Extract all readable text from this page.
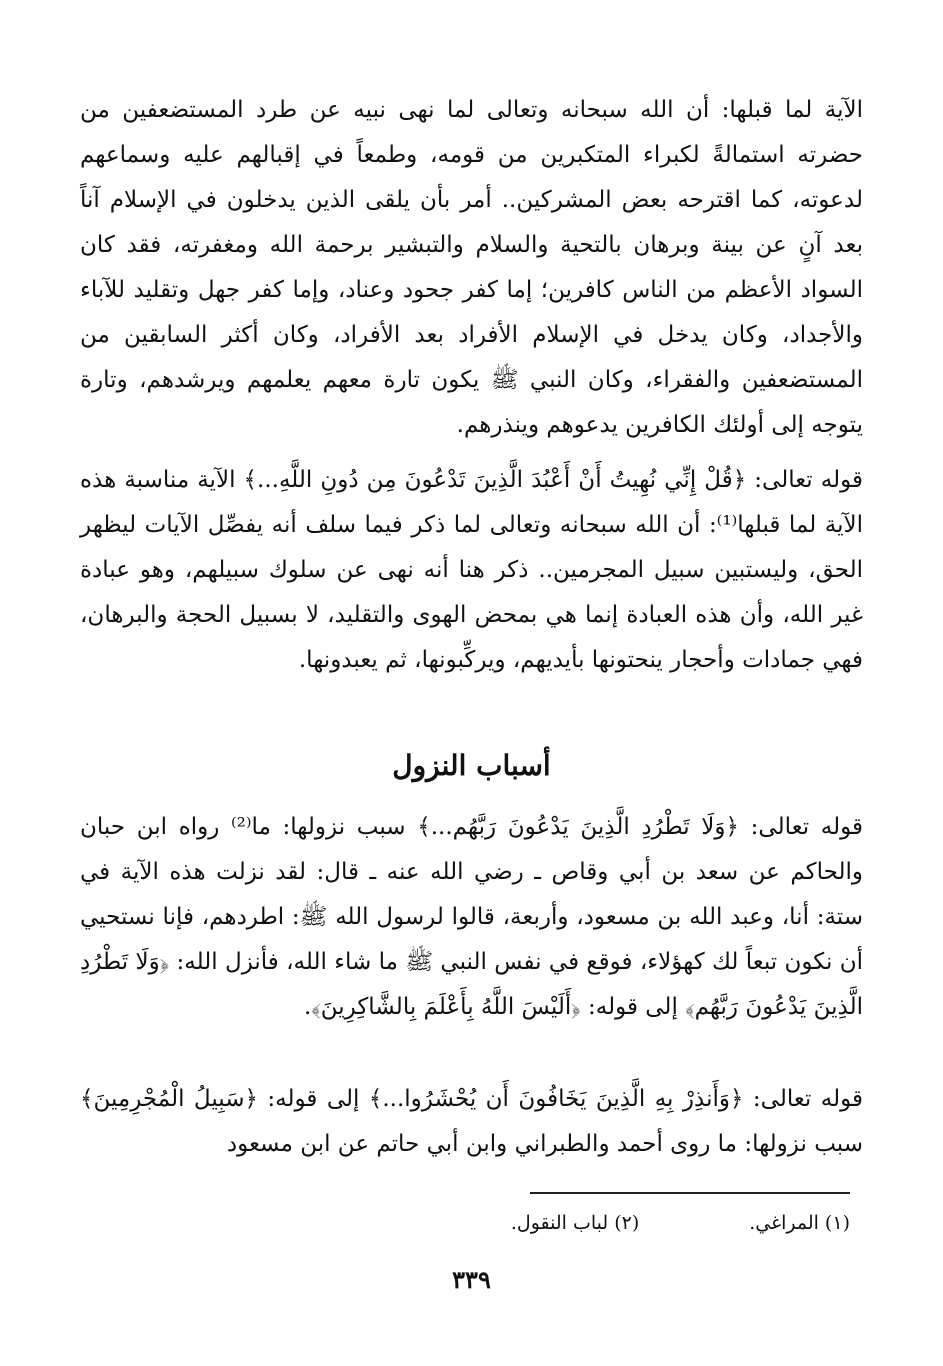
الآية لما قبلها: أن الله سبحانه وتعالى لما نهى نبيه عن طرد المستضعفين من حضرته استمالةً لكبراء المتكبرين من قومه، وطمعاً في إقبالهم عليه وسماعهم لدعوته، كما اقترحه بعض المشركين.. أمر بأن يلقى الذين يدخلون في الإسلام آناً بعد آنٍ عن بينة وبرهان بالتحية والسلام والتبشير برحمة الله ومغفرته، فقد كان السواد الأعظم من الناس كافرين؛ إما كفر جحود وعناد، وإما كفر جهل وتقليد للآباء والأجداد، وكان يدخل في الإسلام الأفراد بعد الأفراد، وكان أكثر السابقين من المستضعفين والفقراء، وكان النبي ﷺ يكون تارة معهم يعلمهم ويرشدهم، وتارة يتوجه إلى أولئك الكافرين يدعوهم وينذرهم.

قوله تعالى: ﴿قُلْ إِنِّي نُهِيتُ أَنْ أَعْبُدَ الَّذِينَ تَدْعُونَ مِن دُونِ اللَّهِ...﴾ الآية مناسبة هذه الآية لما قبلها⁽¹⁾: أن الله سبحانه وتعالى لما ذكر فيما سلف أنه يفصِّل الآيات ليظهر الحق، وليستبين سبيل المجرمين.. ذكر هنا أنه نهى عن سلوك سبيلهم، وهو عبادة غير الله، وأن هذه العبادة إنما هي بمحض الهوى والتقليد، لا بسبيل الحجة والبرهان، فهي جمادات وأحجار ينحتونها بأيديهم، ويركِّبونها، ثم يعبدونها.

أسباب النزول

قوله تعالى: ﴿وَلَا تَطْرُدِ الَّذِينَ يَدْعُونَ رَبَّهُم...﴾ سبب نزولها: ما⁽²⁾ رواه ابن حبان والحاكم عن سعد بن أبي وقاص ـ رضي الله عنه ـ قال: لقد نزلت هذه الآية في ستة: أنا، وعبد الله بن مسعود، وأربعة، قالوا لرسول الله ﷺ: اطردهم، فإنا نستحيي أن نكون تبعاً لك كهؤلاء، فوقع في نفس النبي ﷺ ما شاء الله، فأنزل الله: ﴿وَلَا تَطْرُدِ الَّذِينَ يَدْعُونَ رَبَّهُم﴾ إلى قوله: ﴿أَلَيْسَ اللَّهُ بِأَعْلَمَ بِالشَّاكِرِينَ﴾.

قوله تعالى: ﴿وَأَنذِرْ بِهِ الَّذِينَ يَخَافُونَ أَن يُحْشَرُوا...﴾ إلى قوله: ﴿سَبِيلُ الْمُجْرِمِينَ﴾ سبب نزولها: ما روى أحمد والطبراني وابن أبي حاتم عن ابن مسعود

(١) المراغي.
(٢) لباب النقول.
٣٣٩
